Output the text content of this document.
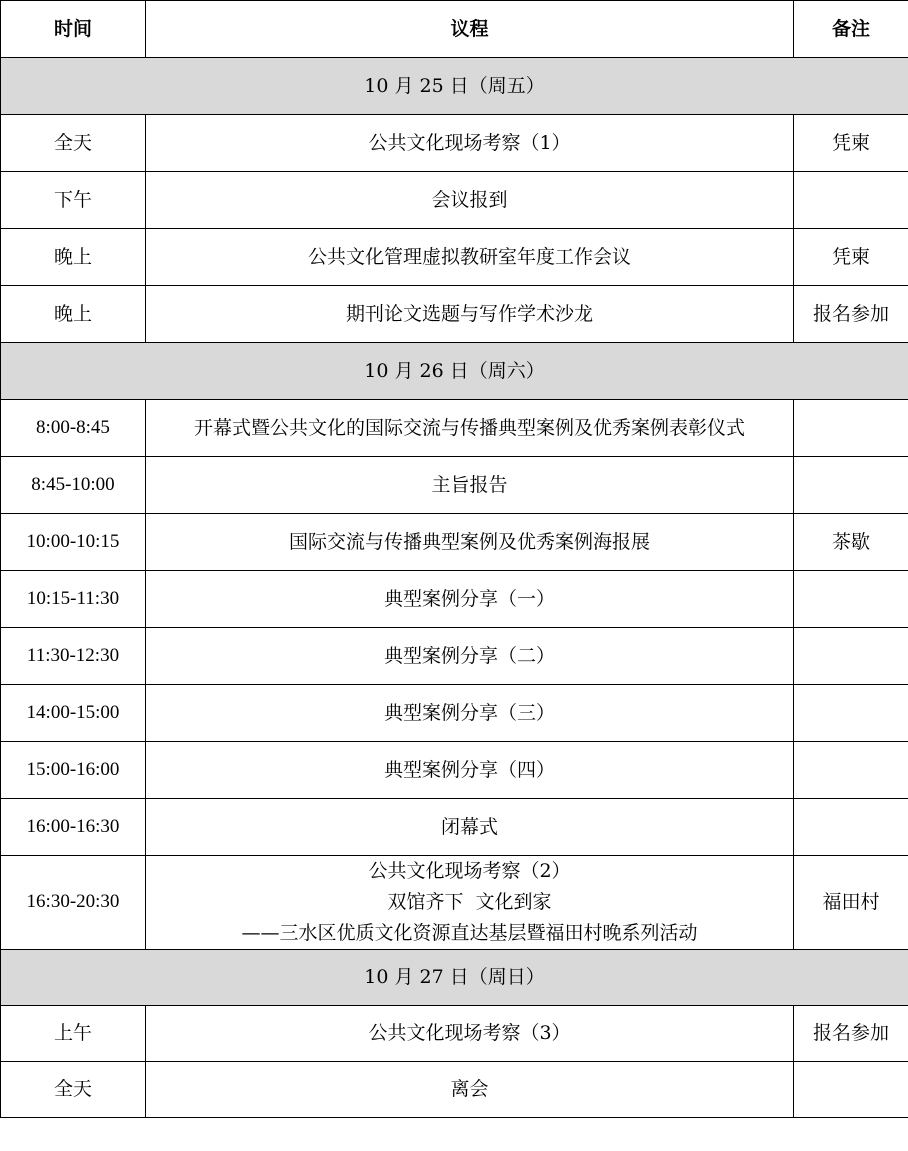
时间	议程	备注
10 月 25 日（周五）		
全天	公共文化现场考察（1）	凭柬
下午	会议报到	
晚上	公共文化管理虚拟教研室年度工作会议	凭柬
晚上	期刊论文选题与写作学术沙龙	报名参加
10 月 26 日（周六）		
8:00-8:45	开幕式暨公共文化的国际交流与传播典型案例及优秀案例表彰仪式	
8:45-10:00	主旨报告	
10:00-10:15	国际交流与传播典型案例及优秀案例海报展	茶歇
10:15-11:30	典型案例分享（一）	
11:30-12:30	典型案例分享（二）	
14:00-15:00	典型案例分享（三）	
15:00-16:00	典型案例分享（四）	
16:00-16:30	闭幕式	
16:30-20:30	公共文化现场考察（2）
双馆齐下  文化到家
——三水区优质文化资源直达基层暨福田村晚系列活动	福田村
10 月 27 日（周日）		
上午	公共文化现场考察（3）	报名参加
全天	离会	
